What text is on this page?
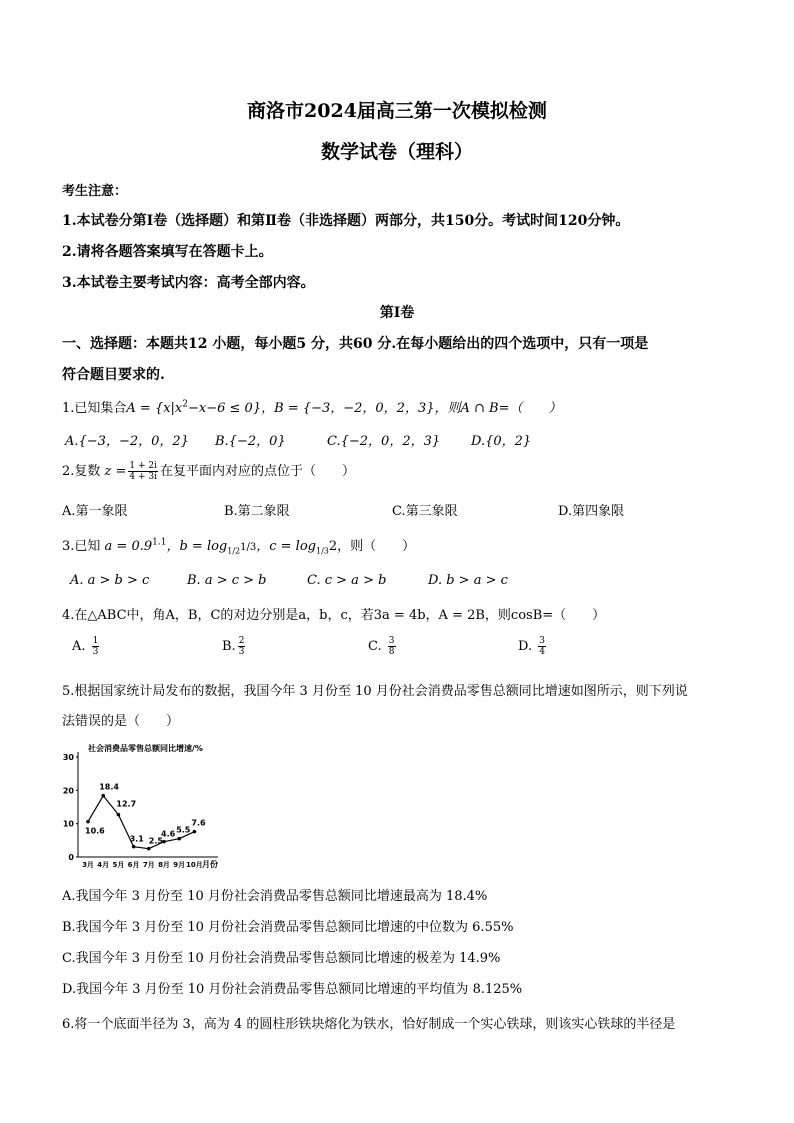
商洛市2024届高三第一次模拟检测
数学试卷（理科）
考生注意：
1.本试卷分第Ⅰ卷（选择题）和第Ⅱ卷（非选择题）两部分，共150分。考试时间120分钟。
2.请将各题答案填写在答题卡上。
3.本试卷主要考试内容：高考全部内容。
第Ⅰ卷
一、选择题：本题共12 小题，每小题5 分，共60 分.在每小题给出的四个选项中，只有一项是
符合题目要求的.
1.已知集合$A = \{x|x^2-x-6 \le 0\}$，B = {−3，−2，0，2，3}，则A ∩ B=（　　）
A.{−3，−2，0，2} B.{−2，0}	C.{−2，0，2，3} D.{0，2}
2.复数 $z = \frac{1 + 2i}{4 + 3i}$ 在复平面内对应的点位于（　　）
A.第一象限	B.第二象限	C.第三象限	D.第四象限
3.已知 $a = 0.9^{1.1}$，$b = \log_{1/2}1/3$，$c = \log_{1/3}2$，则（　　）
A. a > b > c	B. a > c > b	C. c > a > b	D. b > a > c
4.在△ABC中，角A，B，C的对边分别是a，b，c，若3a = 4b，A = 2B，则cosB=（　　）
A. $\frac{1}{3}$	B. $\frac{2}{3}$	C. $\frac{3}{8}$	D. $\frac{3}{4}$
5.根据国家统计局发布的数据，我国今年 3 月份至 10 月份社会消费品零售总额同比增速如图所示，则下列说
法错误的是（　　）
10.6
18.4
12.7
3.1 2.5
4.6 5.5
7.6
0
10
20
30
3月 4月 5月 6月 7月 8月 9月 10月
社会消费品零售总额同比增速/%
月份
A.我国今年 3 月份至 10 月份社会消费品零售总额同比增速最高为 18.4%
B.我国今年 3 月份至 10 月份社会消费品零售总额同比增速的中位数为 6.55%
C.我国今年 3 月份至 10 月份社会消费品零售总额同比增速的极差为 14.9%
D.我国今年 3 月份至 10 月份社会消费品零售总额同比增速的平均值为 8.125%
6.将一个底面半径为 3，高为 4 的圆柱形铁块熔化为铁水，恰好制成一个实心铁球，则该实心铁球的半径是
